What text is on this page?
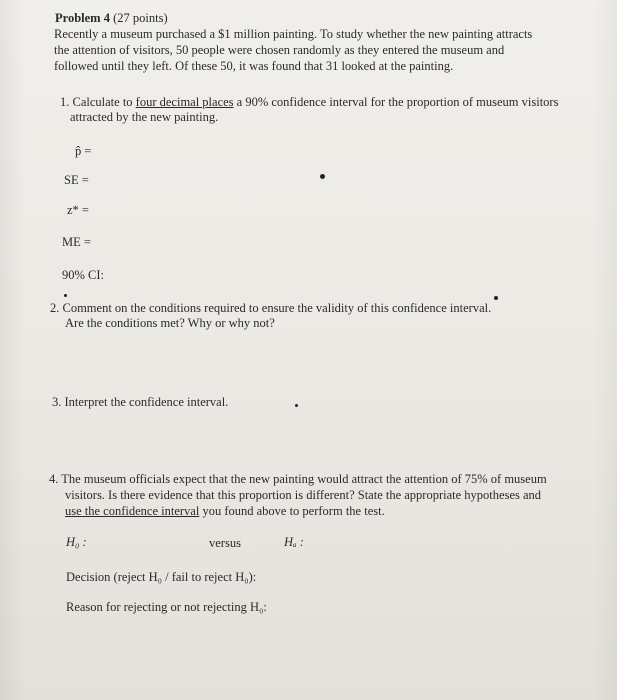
Problem 4 (27 points)
Recently a museum purchased a $1 million painting. To study whether the new painting attracts
the attention of visitors, 50 people were chosen randomly as they entered the museum and
followed until they left. Of these 50, it was found that 31 looked at the painting.
1. Calculate to four decimal places a 90% confidence interval for the proportion of museum visitors
attracted by the new painting.
p̂ =
SE =
z* =
ME =
90% CI:
2. Comment on the conditions required to ensure the validity of this confidence interval.
Are the conditions met? Why or why not?
3. Interpret the confidence interval.
4. The museum officials expect that the new painting would attract the attention of 75% of museum
visitors. Is there evidence that this proportion is different? State the appropriate hypotheses and
use the confidence interval you found above to perform the test.
H₀ :	versus	Hₐ :
Decision (reject H₀ / fail to reject H₀):
Reason for rejecting or not rejecting H₀:
